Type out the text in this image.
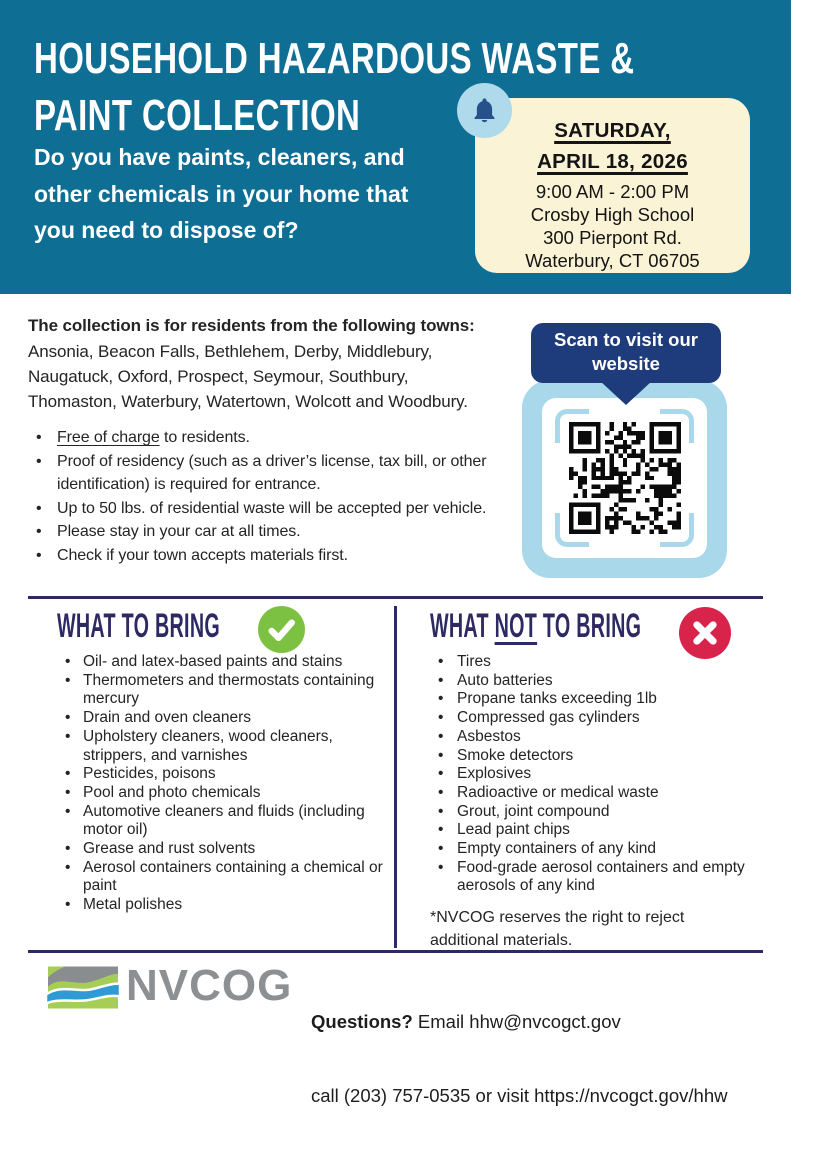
HOUSEHOLD HAZARDOUS WASTE &
PAINT COLLECTION
Do you have paints, cleaners, and
other chemicals in your home that
you need to dispose of?
SATURDAY,
APRIL 18, 2026
9:00 AM - 2:00 PM
Crosby High School
300 Pierpont Rd.
Waterbury, CT 06705
The collection is for residents from the following towns:
Ansonia, Beacon Falls, Bethlehem, Derby, Middlebury,
Naugatuck, Oxford, Prospect, Seymour, Southbury,
Thomaston, Waterbury, Watertown, Wolcott and Woodbury.
• Free of charge to residents.
• Proof of residency (such as a driver’s license, tax bill, or other identification) is required for entrance.
• Up to 50 lbs. of residential waste will be accepted per vehicle.
• Please stay in your car at all times.
• Check if your town accepts materials first.
Scan to visit our website
WHAT TO BRING	WHAT NOT TO BRING
• Oil- and latex-based paints and stains
• Thermometers and thermostats containing mercury
• Drain and oven cleaners
• Upholstery cleaners, wood cleaners, strippers, and varnishes
• Pesticides, poisons
• Pool and photo chemicals
• Automotive cleaners and fluids (including motor oil)
• Grease and rust solvents
• Aerosol containers containing a chemical or paint
• Metal polishes
• Tires
• Auto batteries
• Propane tanks exceeding 1lb
• Compressed gas cylinders
• Asbestos
• Smoke detectors
• Explosives
• Radioactive or medical waste
• Grout, joint compound
• Lead paint chips
• Empty containers of any kind
• Food-grade aerosol containers and empty aerosols of any kind
*NVCOG reserves the right to reject additional materials.
NVCOG

Questions? Email hhw@nvcogct.gov

call (203) 757-0535 or visit https://nvcogct.gov/hhw
